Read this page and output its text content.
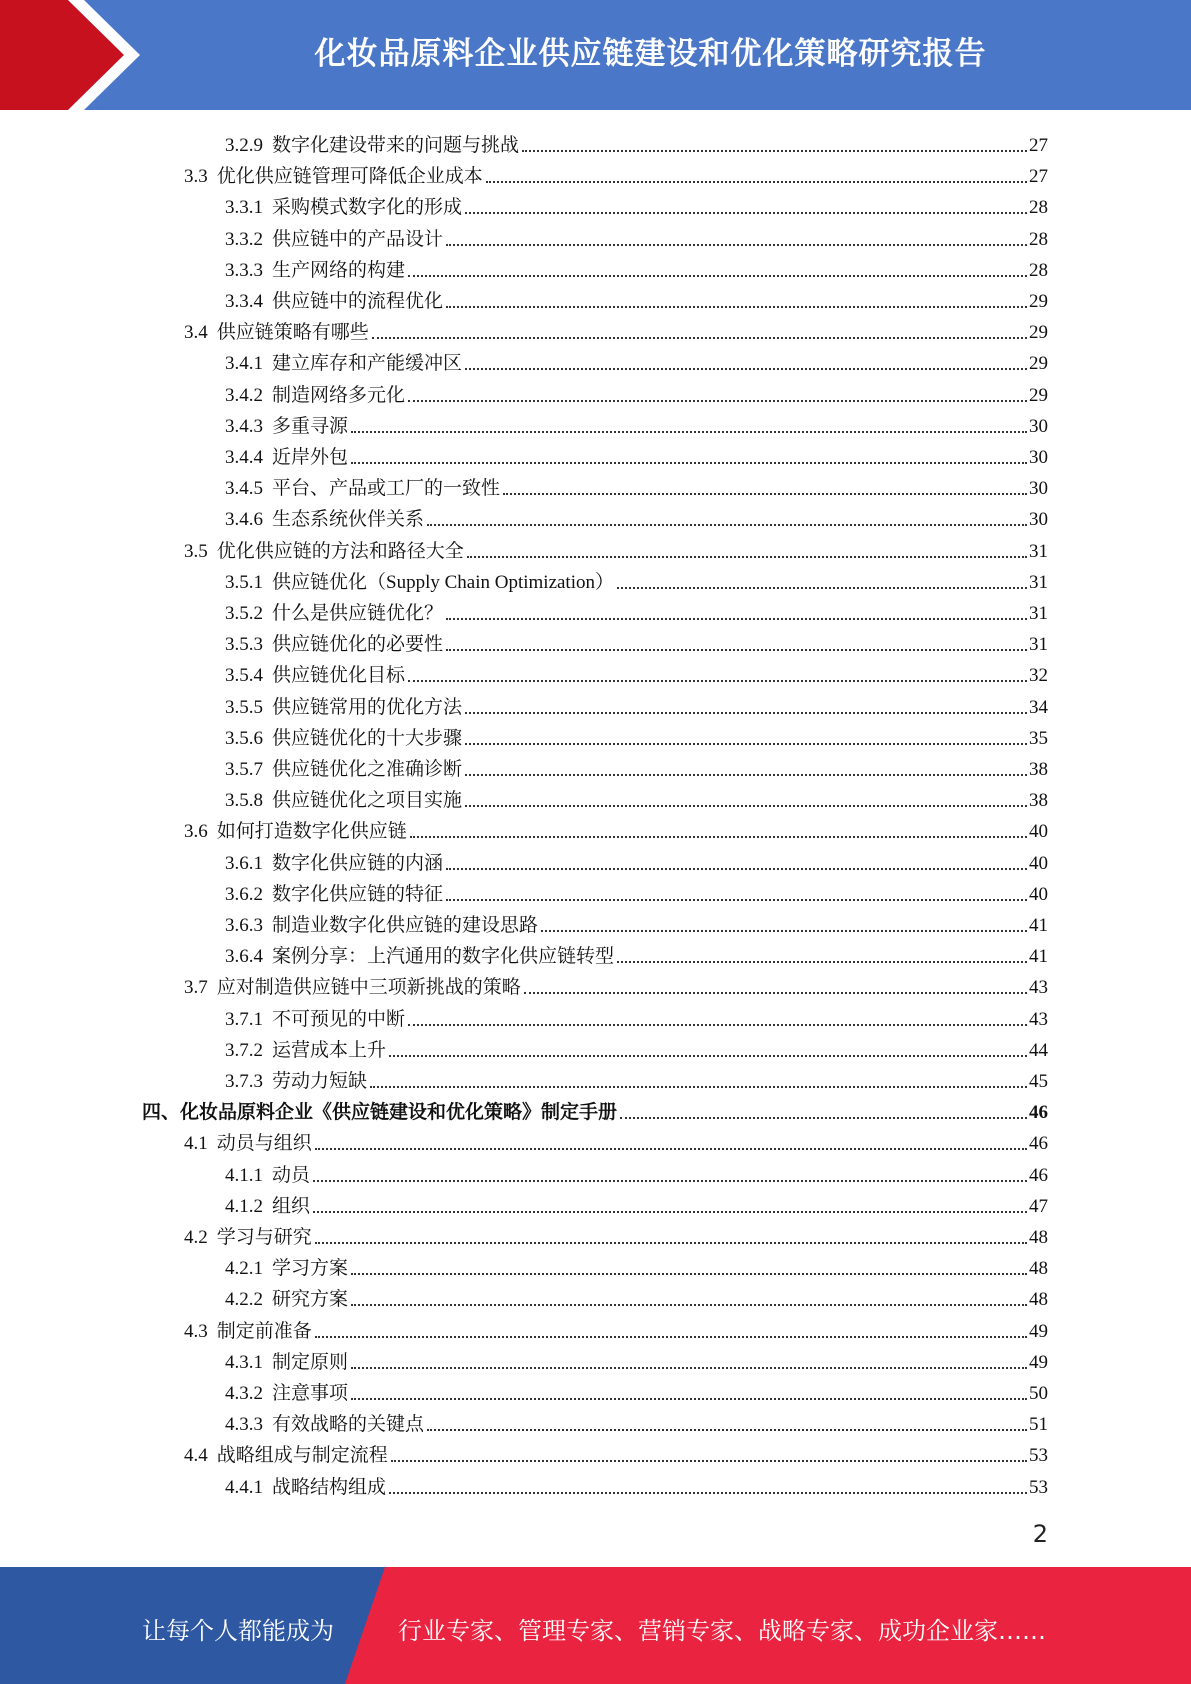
化妆品原料企业供应链建设和优化策略研究报告
3.2.9 数字化建设带来的问题与挑战	27
3.3 优化供应链管理可降低企业成本	27
3.3.1 采购模式数字化的形成	28
3.3.2 供应链中的产品设计	28
3.3.3 生产网络的构建	28
3.3.4 供应链中的流程优化	29
3.4 供应链策略有哪些	29
3.4.1 建立库存和产能缓冲区	29
3.4.2 制造网络多元化	29
3.4.3 多重寻源	30
3.4.4 近岸外包	30
3.4.5 平台、产品或工厂的一致性	30
3.4.6 生态系统伙伴关系	30
3.5 优化供应链的方法和路径大全	31
3.5.1 供应链优化（Supply Chain Optimization）	31
3.5.2 什么是供应链优化？	31
3.5.3 供应链优化的必要性	31
3.5.4 供应链优化目标	32
3.5.5 供应链常用的优化方法	34
3.5.6 供应链优化的十大步骤	35
3.5.7 供应链优化之准确诊断	38
3.5.8 供应链优化之项目实施	38
3.6 如何打造数字化供应链	40
3.6.1 数字化供应链的内涵	40
3.6.2 数字化供应链的特征	40
3.6.3 制造业数字化供应链的建设思路	41
3.6.4 案例分享：上汽通用的数字化供应链转型	41
3.7 应对制造供应链中三项新挑战的策略	43
3.7.1 不可预见的中断	43
3.7.2 运营成本上升	44
3.7.3 劳动力短缺	45
四、化妆品原料企业《供应链建设和优化策略》制定手册	46
4.1 动员与组织	46
4.1.1 动员	46
4.1.2 组织	47
4.2 学习与研究	48
4.2.1 学习方案	48
4.2.2 研究方案	48
4.3 制定前准备	49
4.3.1 制定原则	49
4.3.2 注意事项	50
4.3.3 有效战略的关键点	51
4.4 战略组成与制定流程	53
4.4.1 战略结构组成	53
2
让每个人都能成为	行业专家、管理专家、营销专家、战略专家、成功企业家……
